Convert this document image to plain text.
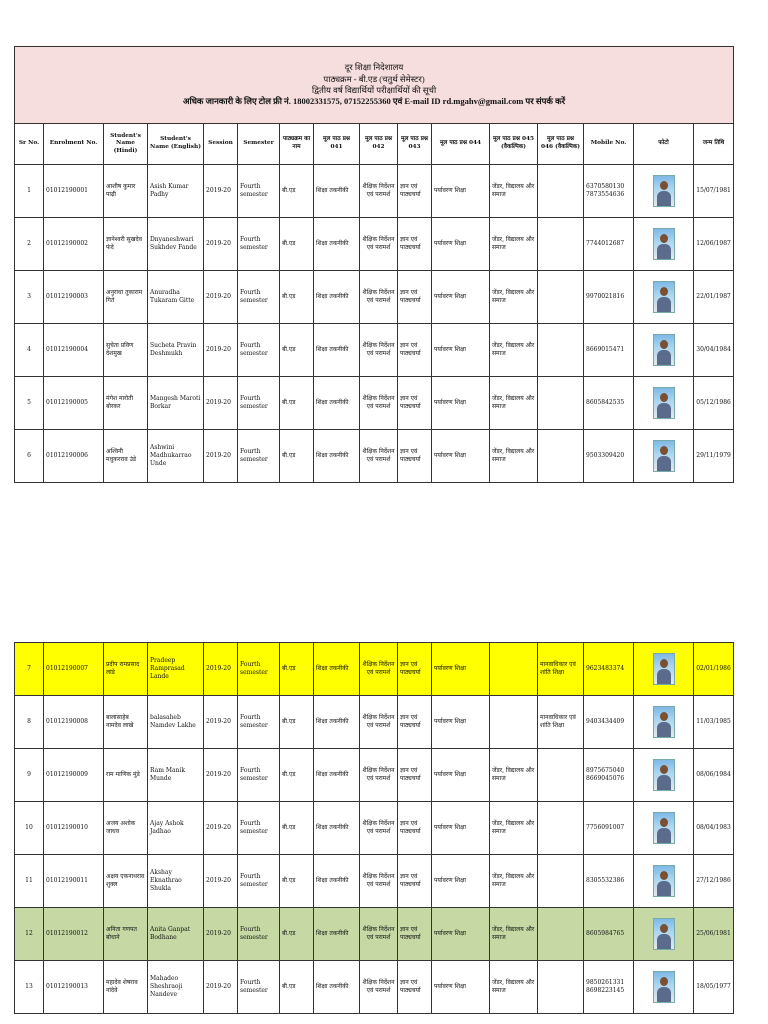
दूर शिक्षा निदेशालय
पाठ्यक्रम - बी.एड (चतुर्थ सेमेस्टर)
द्वितीय वर्ष विद्यार्थियों परीक्षार्थियों की सूची
अधिक जानकारी के लिए टोल फ्री नं. 18002331575, 07152255360 एवं E-mail ID rd.mgahv@gmail.com पर संपर्क करें															

Sr No.	Enrolment No.	Student's Name (Hindi)	Student's Name (English)	Session	Semester	पाठ्यक्रम का नाम	मूल पाठ प्रश्न 041	मूल पाठ प्रश्न 042	मूल पाठ प्रश्न 043	मूल पाठ प्रश्न 044	मूल पाठ प्रश्न 045 (वैकल्पिक)	मूल पाठ प्रश्न 046 (वैकल्पिक)	Mobile No.	फोटो	जन्म तिथि
1	01012190001	आशीष कुमार पाढ़ी	Asish Kumar Padhy	2019-20	Fourth semester	बी.एड	शिक्षा तकनीकी	शैक्षिक निर्देशन एवं परामर्श	ज्ञान एवं पाठ्यचर्या	पर्यावरण शिक्षा	जेंडर, विद्यालय और समाज		6370580130 7873554636		15/07/1981
2	01012190002	ज्ञानेश्वरी सुखदेव फंदे	Dnyaneshwari Sukhdev Fande	2019-20	Fourth semester	बी.एड	शिक्षा तकनीकी	शैक्षिक निर्देशन एवं परामर्श	ज्ञान एवं पाठ्यचर्या	पर्यावरण शिक्षा	जेंडर, विद्यालय और समाज		7744012687		12/06/1987
3	01012190003	अनुराधा तुकाराम गिते	Anuradha Tukaram Gitte	2019-20	Fourth semester	बी.एड	शिक्षा तकनीकी	शैक्षिक निर्देशन एवं परामर्श	ज्ञान एवं पाठ्यचर्या	पर्यावरण शिक्षा	जेंडर, विद्यालय और समाज		9970021816		22/01/1987
4	01012190004	सुचेता प्रविण देशमुख	Sucheta Pravin Deshmukh	2019-20	Fourth semester	बी.एड	शिक्षा तकनीकी	शैक्षिक निर्देशन एवं परामर्श	ज्ञान एवं पाठ्यचर्या	पर्यावरण शिक्षा	जेंडर, विद्यालय और समाज		8669015471		30/04/1984
5	01012190005	मंगेश मारोती बोरकर	Mangesh Maroti Borkar	2019-20	Fourth semester	बी.एड	शिक्षा तकनीकी	शैक्षिक निर्देशन एवं परामर्श	ज्ञान एवं पाठ्यचर्या	पर्यावरण शिक्षा	जेंडर, विद्यालय और समाज		8605842535		05/12/1986
6	01012190006	अश्विनी मधुकरराव उंडे	Ashwini Madhukarrao Unde	2019-20	Fourth semester	बी.एड	शिक्षा तकनीकी	शैक्षिक निर्देशन एवं परामर्श	ज्ञान एवं पाठ्यचर्या	पर्यावरण शिक्षा	जेंडर, विद्यालय और समाज		9503309420		29/11/1979
7	01012190007	प्रदीप रामप्रसाद लांडे	Pradeep Ramprasad Lande	2019-20	Fourth semester	बी.एड	शिक्षा तकनीकी	शैक्षिक निर्देशन एवं परामर्श	ज्ञान एवं पाठ्यचर्या	पर्यावरण शिक्षा		मानवाधिकार एवं शांति शिक्षा	9623483374		02/01/1986
8	01012190008	बालासाहेब नामदेव लाखे	balasaheb Namdev Lakhe	2019-20	Fourth semester	बी.एड	शिक्षा तकनीकी	शैक्षिक निर्देशन एवं परामर्श	ज्ञान एवं पाठ्यचर्या	पर्यावरण शिक्षा		मानवाधिकार एवं शांति शिक्षा	9403434409		11/03/1985
9	01012190009	राम माणिक मुंडे	Ram Manik Munde	2019-20	Fourth semester	बी.एड	शिक्षा तकनीकी	शैक्षिक निर्देशन एवं परामर्श	ज्ञान एवं पाठ्यचर्या	पर्यावरण शिक्षा	जेंडर, विद्यालय और समाज		8975675040 8669045076		08/06/1984
10	01012190010	अजय अशोक जाधव	Ajay Ashok Jadhao	2019-20	Fourth semester	बी.एड	शिक्षा तकनीकी	शैक्षिक निर्देशन एवं परामर्श	ज्ञान एवं पाठ्यचर्या	पर्यावरण शिक्षा	जेंडर, विद्यालय और समाज		7756091007		08/04/1983
11	01012190011	अक्षय एकनाथराव शुक्ल	Akshay Eknathrao Shukla	2019-20	Fourth semester	बी.एड	शिक्षा तकनीकी	शैक्षिक निर्देशन एवं परामर्श	ज्ञान एवं पाठ्यचर्या	पर्यावरण शिक्षा	जेंडर, विद्यालय और समाज		8305532386		27/12/1986
12	01012190012	अनिता गणपत बोधाने	Anita Ganpat Bodhane	2019-20	Fourth semester	बी.एड	शिक्षा तकनीकी	शैक्षिक निर्देशन एवं परामर्श	ज्ञान एवं पाठ्यचर्या	पर्यावरण शिक्षा	जेंडर, विद्यालय और समाज		8605984765		25/06/1981
13	01012190013	महादेव शेषराव नांदेवे	Mahadeo Sheshraoji Nandeve	2019-20	Fourth semester	बी.एड	शिक्षा तकनीकी	शैक्षिक निर्देशन एवं परामर्श	ज्ञान एवं पाठ्यचर्या	पर्यावरण शिक्षा	जेंडर, विद्यालय और समाज		9850261331 8698223145		18/05/1977
